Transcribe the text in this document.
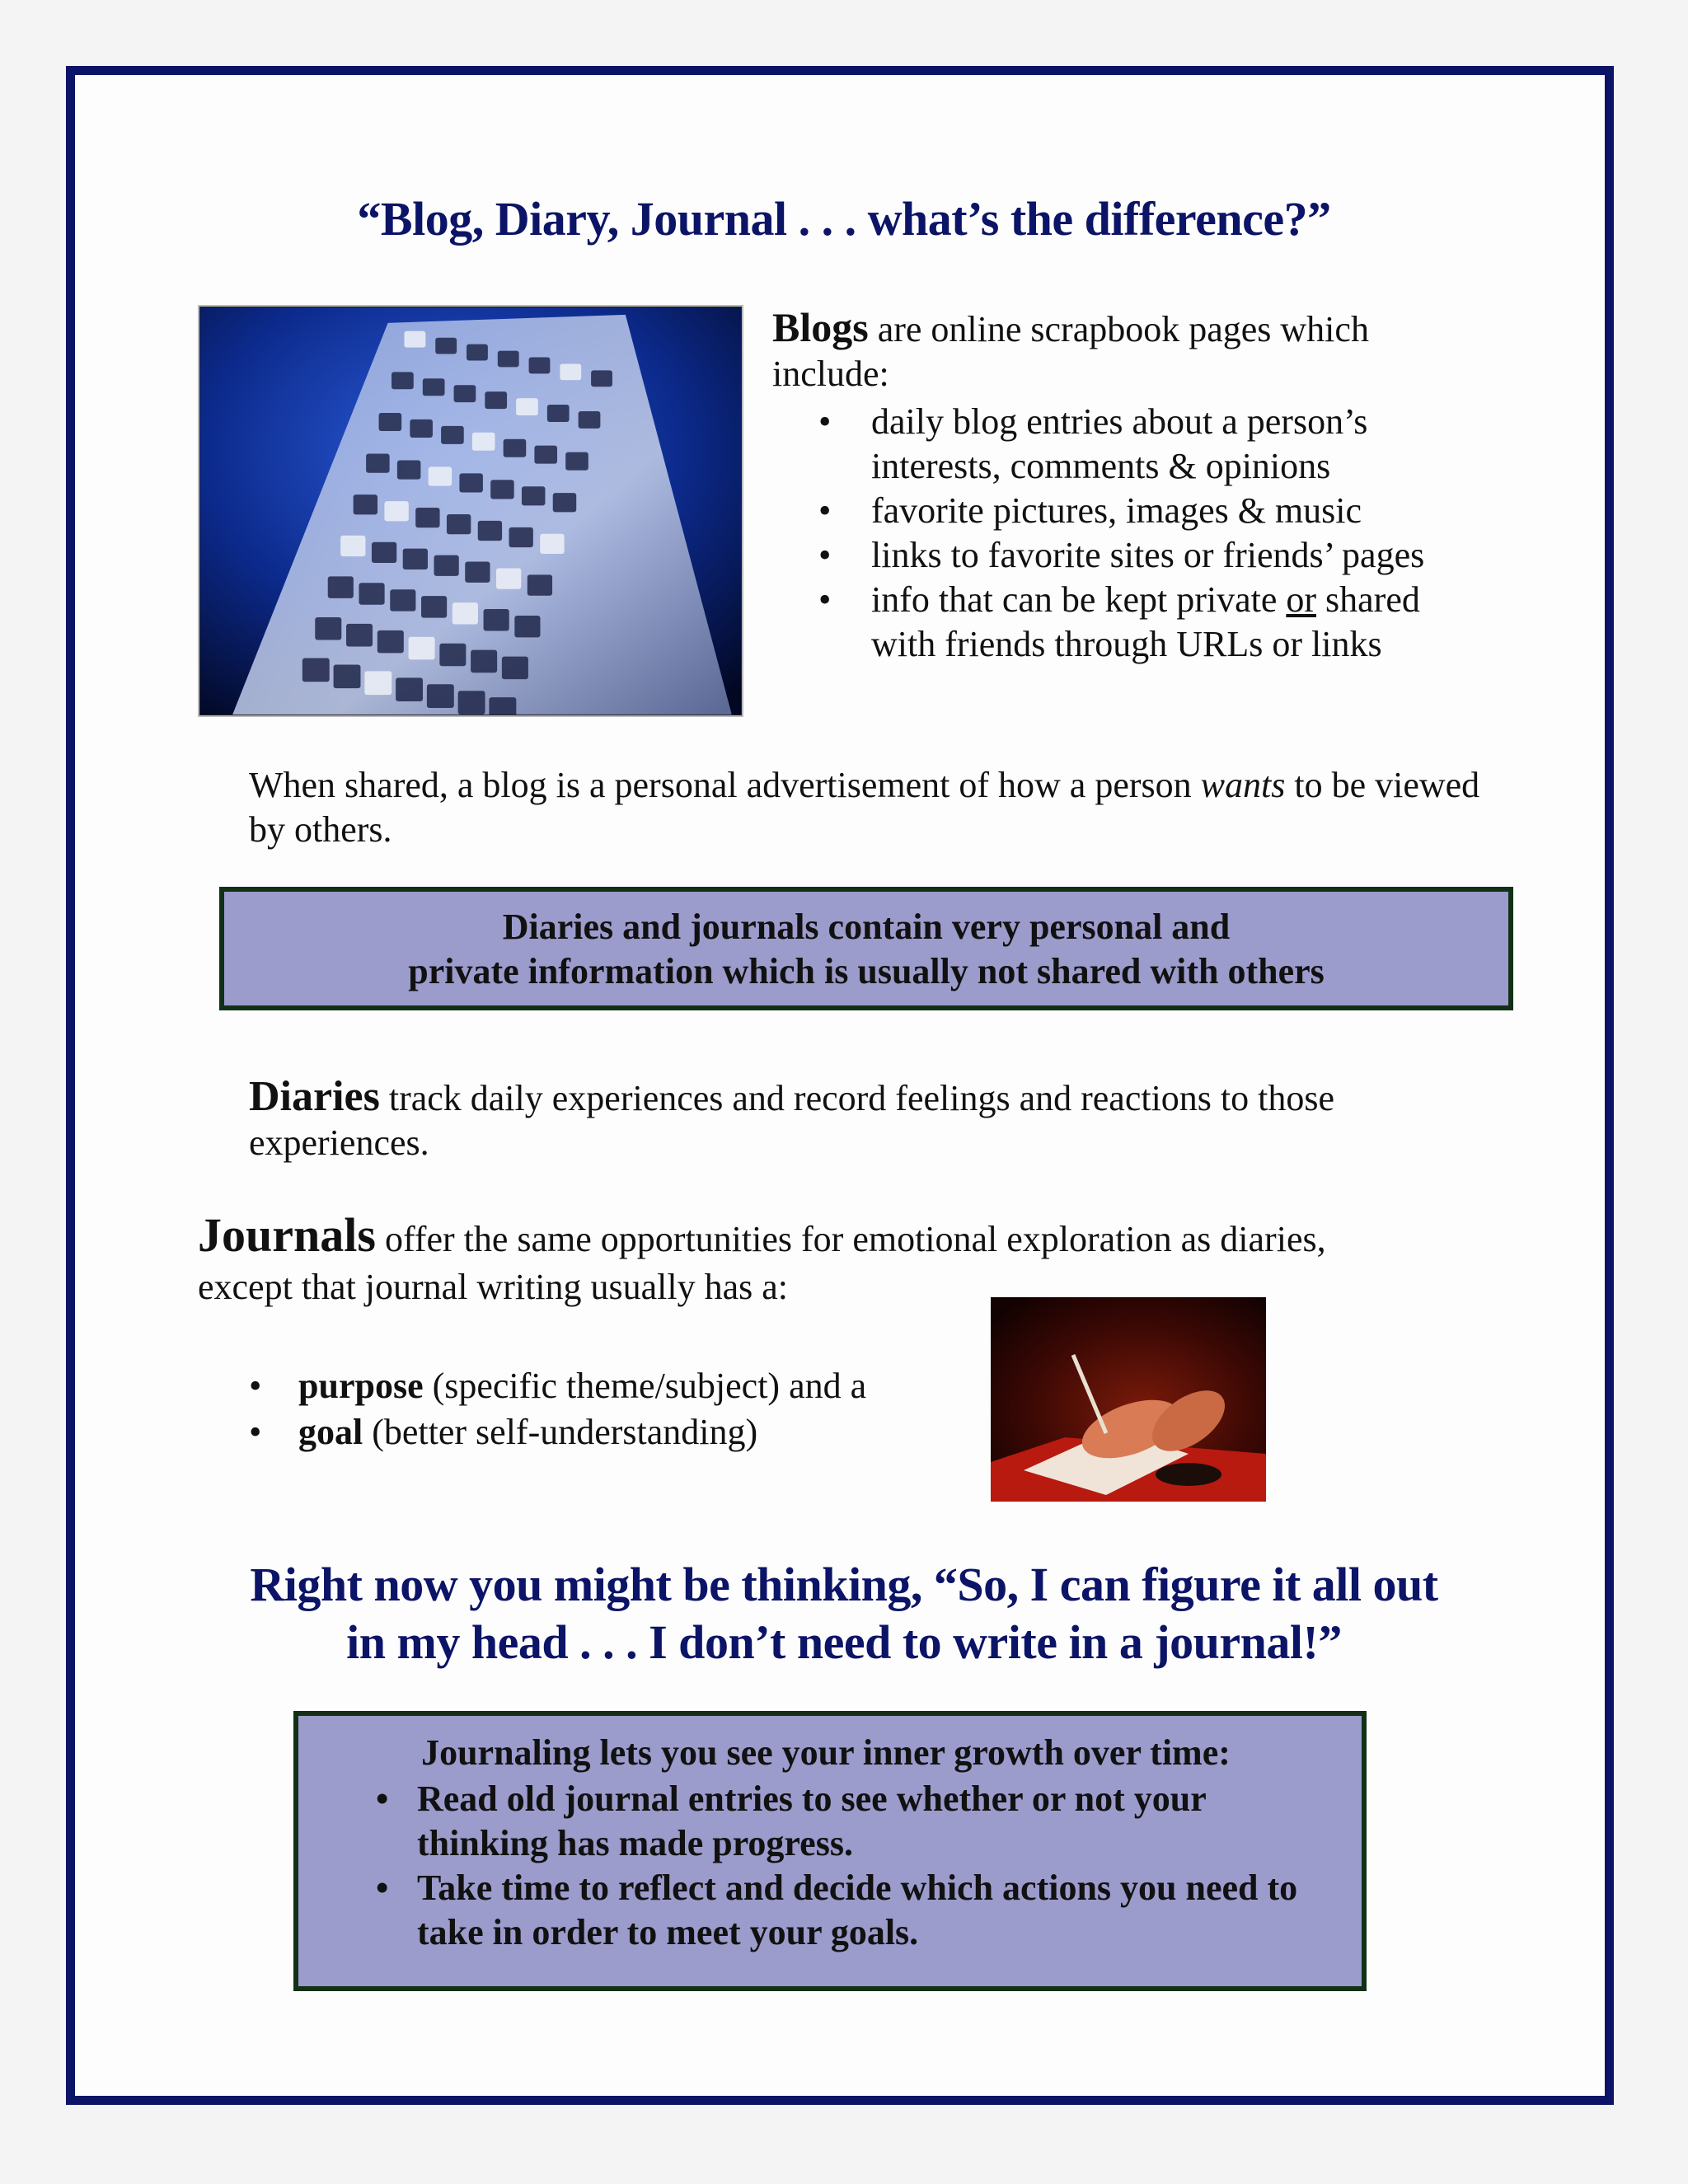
“Blog, Diary, Journal . . . what’s the difference?”
Blogs are online scrapbook pages which include:
• daily blog entries about a person’s interests, comments & opinions
• favorite pictures, images & music
• links to favorite sites or friends’ pages
• info that can be kept private or shared with friends through URLs or links
When shared, a blog is a personal advertisement of how a person wants to be viewed by others.
Diaries and journals contain very personal and
private information which is usually not shared with others
Diaries track daily experiences and record feelings and reactions to those experiences.
Journals offer the same opportunities for emotional exploration as diaries,
except that journal writing usually has a:
• purpose (specific theme/subject) and a
• goal (better self-understanding)
Right now you might be thinking, “So, I can figure it all out
in my head . . . I don’t need to write in a journal!”
Journaling lets you see your inner growth over time:
• Read old journal entries to see whether or not your thinking has made progress.
• Take time to reflect and decide which actions you need to take in order to meet your goals.
